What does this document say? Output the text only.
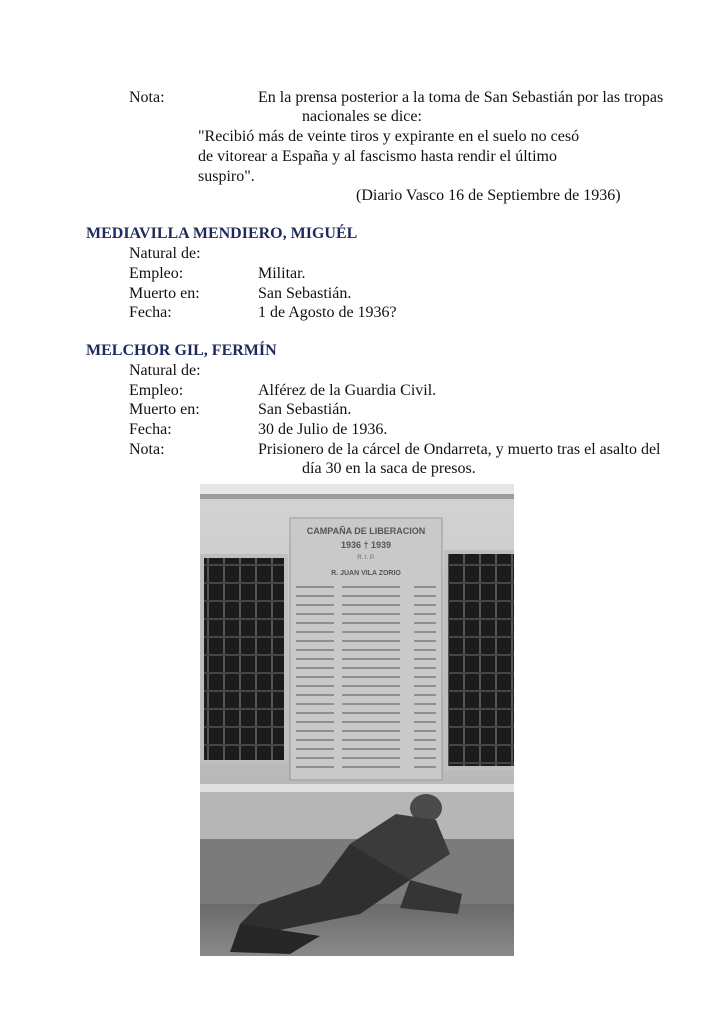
Nota:	En la prensa posterior a la toma de San Sebastián por las tropas
nacionales se dice:
"Recibió más de veinte tiros y expirante en el suelo no cesó
de vitorear a España y al fascismo hasta rendir el último
suspiro".
(Diario Vasco 16 de Septiembre de 1936)
MEDIAVILLA MENDIERO, MIGUÉL
Natural de:
Empleo:	Militar.
Muerto en:	San Sebastián.
Fecha:	1 de Agosto de 1936?
MELCHOR GIL, FERMÍN
Natural de:
Empleo:	Alférez de la Guardia Civil.
Muerto en:	San Sebastián.
Fecha:	30 de Julio de 1936.
Nota:	Prisionero de la cárcel de Ondarreta, y muerto tras el asalto del
día 30 en la saca de presos.
CAMPAÑA DE LIBERACION
1936 † 1939
R. I. P.
R. JUAN VILA ZORIO
